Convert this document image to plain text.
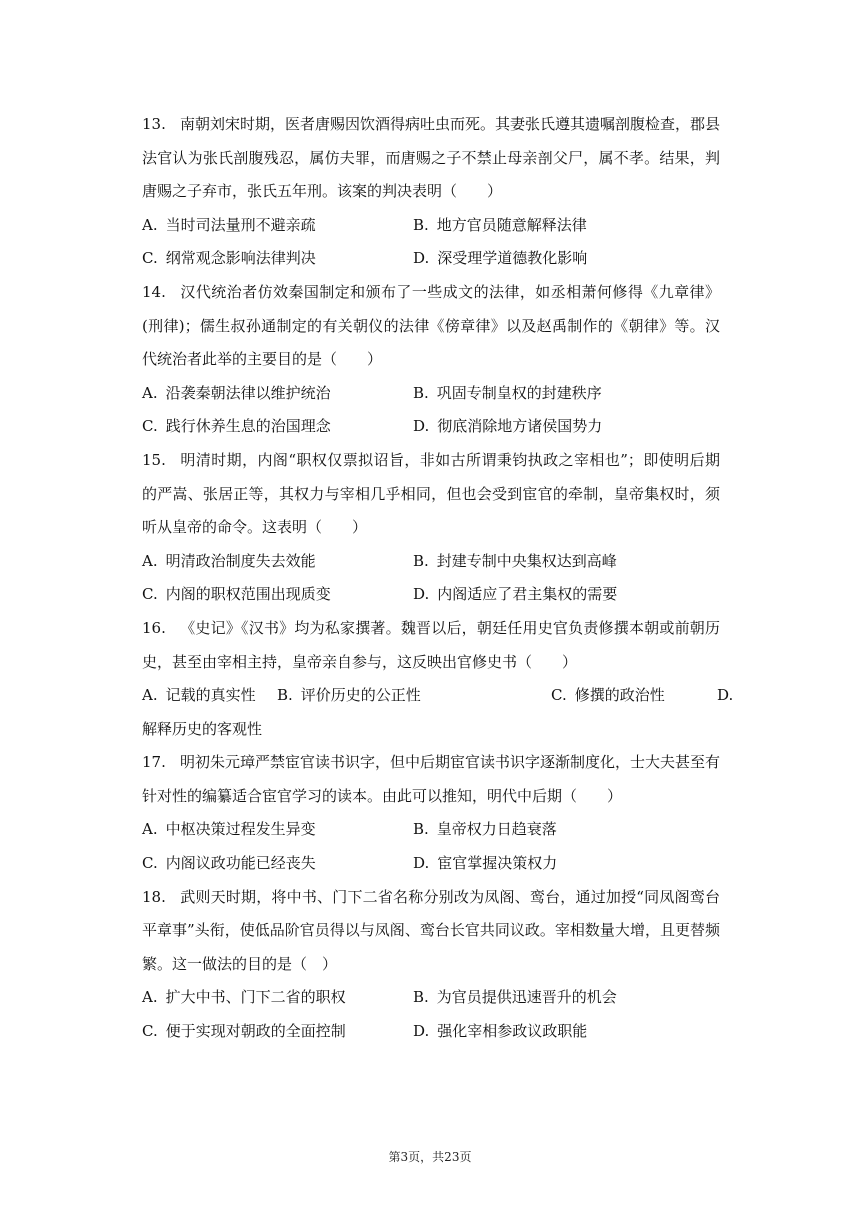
13. 南朝刘宋时期，医者唐赐因饮酒得病吐虫而死。其妻张氏遵其遗嘱剖腹检查，郡县法官认为张氏剖腹残忍，属仿夫罪，而唐赐之子不禁止母亲剖父尸，属不孝。结果，判唐赐之子弃市，张氏五年刑。该案的判决表明（　　）
A. 当时司法量刑不避亲疏	B. 地方官员随意解释法律
C. 纲常观念影响法律判决	D. 深受理学道德教化影响
14. 汉代统治者仿效秦国制定和颁布了一些成文的法律，如丞相萧何修得《九章律》(刑律)；儒生叔孙通制定的有关朝仪的法律《傍章律》以及赵禹制作的《朝律》等。汉代统治者此举的主要目的是（　　）
A. 沿袭秦朝法律以维护统治	B. 巩固专制皇权的封建秩序
C. 践行休养生息的治国理念	D. 彻底消除地方诸侯国势力
15. 明清时期，内阁“职权仅票拟诏旨，非如古所谓秉钧执政之宰相也”；即使明后期的严嵩、张居正等，其权力与宰相几乎相同，但也会受到宦官的牵制，皇帝集权时，须听从皇帝的命令。这表明（　　）
A. 明清政治制度失去效能	B. 封建专制中央集权达到高峰
C. 内阁的职权范围出现质变	D. 内阁适应了君主集权的需要
16. 《史记》《汉书》均为私家撰著。魏晋以后，朝廷任用史官负责修撰本朝或前朝历史，甚至由宰相主持，皇帝亲自参与，这反映出官修史书（　　）
A. 记载的真实性 B. 评价历史的公正性	C. 修撰的政治性	D.
解释历史的客观性
17. 明初朱元璋严禁宦官读书识字，但中后期宦官读书识字逐渐制度化，士大夫甚至有针对性的编纂适合宦官学习的读本。由此可以推知，明代中后期（　　）
A. 中枢决策过程发生异变	B. 皇帝权力日趋衰落
C. 内阁议政功能已经丧失	D. 宦官掌握决策权力
18. 武则天时期，将中书、门下二省名称分别改为凤阁、鸾台，通过加授“同凤阁鸾台平章事”头衔，使低品阶官员得以与凤阁、鸾台长官共同议政。宰相数量大增，且更替频繁。这一做法的目的是（　）
A. 扩大中书、门下二省的职权	B. 为官员提供迅速晋升的机会
C. 便于实现对朝政的全面控制	D. 强化宰相参政议政职能
第3页，共23页
